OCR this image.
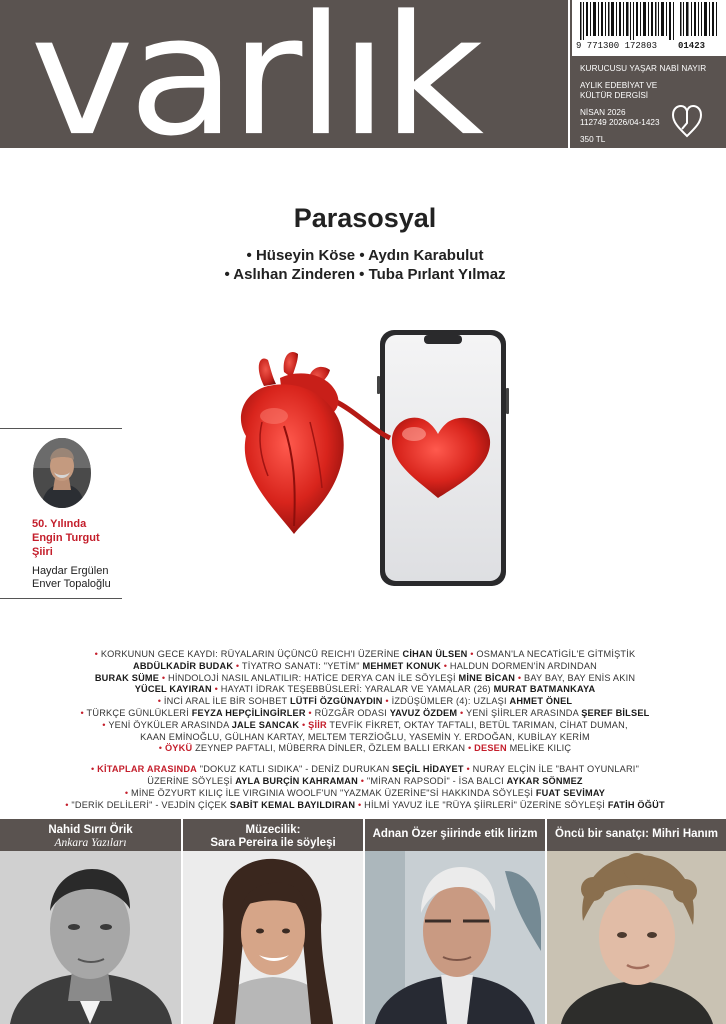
varlık	9 771300 172803 01423
KURUCUSU YAŞAR NABİ NAYIR
AYLIK EDEBİYAT VE
KÜLTÜR DERGİSİ
NİSAN 2026
112749 2026/04-1423
350 TL
Parasosyal
• Hüseyin Köse • Aydın Karabulut
• Aslıhan Zinderen • Tuba Pırlant Yılmaz
50. Yılında
Engin Turgut
Şiiri
Haydar Ergülen
Enver Topaloğlu
• KORKUNUN GECE KAYDI: RÜYALARIN ÜÇÜNCÜ REICH'I ÜZERİNE CİHAN ÜLSEN • OSMAN'LA NECATİGİL'E GİTMİŞTİK
ABDÜLKADİR BUDAK • TİYATRO SANATI: "YETİM" MEHMET KONUK • HALDUN DORMEN'İN ARDINDAN
BURAK SÜME • HİNDOLOJİ NASIL ANLATILIR: HATİCE DERYA CAN İLE SÖYLEŞİ MİNE BİCAN • BAY BAY, BAY ENİS AKIN
YÜCEL KAYIRAN • HAYATI İDRAK TEŞEBBÜSLERİ: YARALAR VE YAMALAR (26) MURAT BATMANKAYA
• İNCİ ARAL İLE BİR SOHBET LÜTFİ ÖZGÜNAYDIN • İZDÜŞÜMLER (4): UZLAŞI AHMET ÖNEL
• TÜRKÇE GÜNLÜKLERİ FEYZA HEPÇİLİNGİRLER • RÜZGÂR ODASI YAVUZ ÖZDEM • YENİ ŞİİRLER ARASINDA ŞEREF BİLSEL
• YENİ ÖYKÜLER ARASINDA JALE SANCAK • ŞİİR TEVFİK FİKRET, OKTAY TAFTALI, BETÜL TARIMAN, CİHAT DUMAN,
KAAN EMİNOĞLU, GÜLHAN KARTAY, MELTEM TERZİOĞLU, YASEMİN Y. ERDOĞAN, KUBİLAY KERİM
• ÖYKÜ ZEYNEP PAFTALI, MÜBERRA DİNLER, ÖZLEM BALLI ERKAN • DESEN MELİKE KILIÇ
• KİTAPLAR ARASINDA "DOKUZ KATLI SIDIKA" - DENİZ DURUKAN SEÇİL HİDAYET • NURAY ELÇİN İLE "BAHT OYUNLARI"
ÜZERİNE SÖYLEŞİ AYLA BURÇİN KAHRAMAN • "MİRAN RAPSODİ" - İSA BALCI AYKAR SÖNMEZ
• MİNE ÖZYURT KILIÇ İLE VIRGINIA WOOLF'UN "YAZMAK ÜZERİNE"Sİ HAKKINDA SÖYLEŞİ FUAT SEVİMAY
• "DERİK DELİLERİ" - VEJDİN ÇİÇEK SABİT KEMAL BAYILDIRAN • HİLMİ YAVUZ İLE "RÜYA ŞİİRLERİ" ÜZERİNE SÖYLEŞİ FATİH ÖĞÜT
Nahid Sırrı Örik
Ankara Yazıları
Müzecilik:
Sara Pereira ile söyleşi
Adnan Özer şiirinde etik lirizm	Öncü bir sanatçı: Mihri Hanım
